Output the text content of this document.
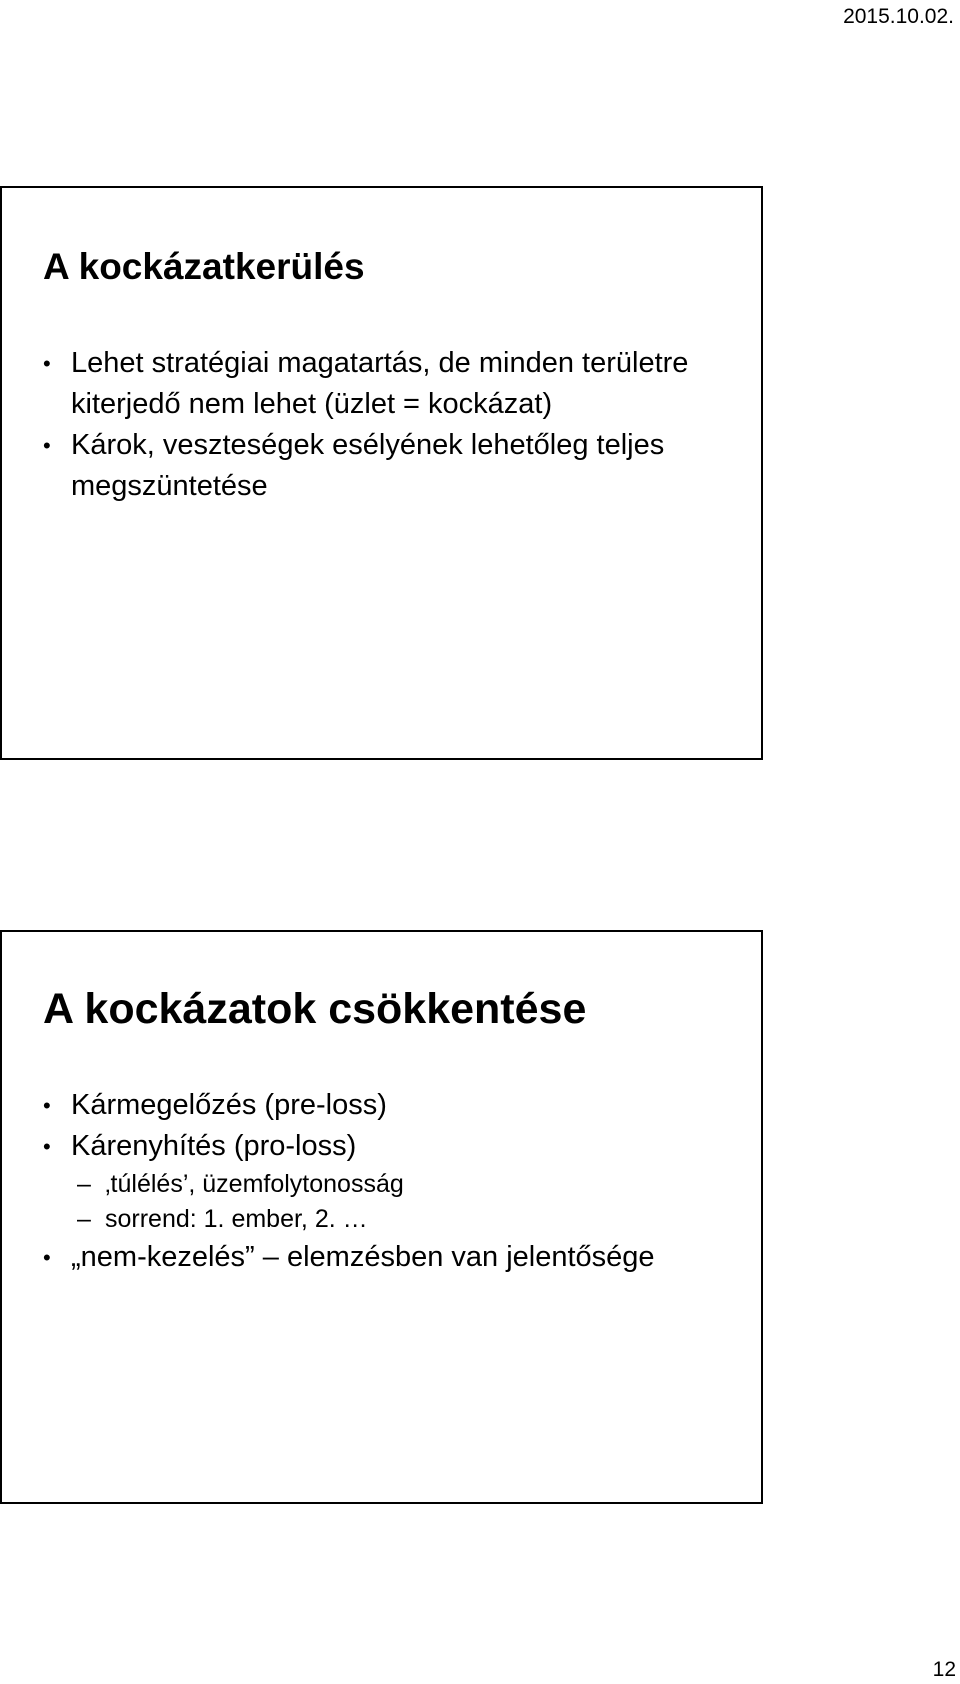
2015.10.02.
A kockázatkerülés
• Lehet stratégiai magatartás, de minden területre kiterjedő nem lehet (üzlet = kockázat)
• Károk, veszteségek esélyének lehetőleg teljes megszüntetése
A kockázatok csökkentése
• Kármegelőzés (pre-loss)
• Kárenyhítés (pro-loss)
– ‚túlélés’, üzemfolytonosság
– sorrend: 1. ember, 2. …
• „nem-kezelés” – elemzésben van jelentősége
12
